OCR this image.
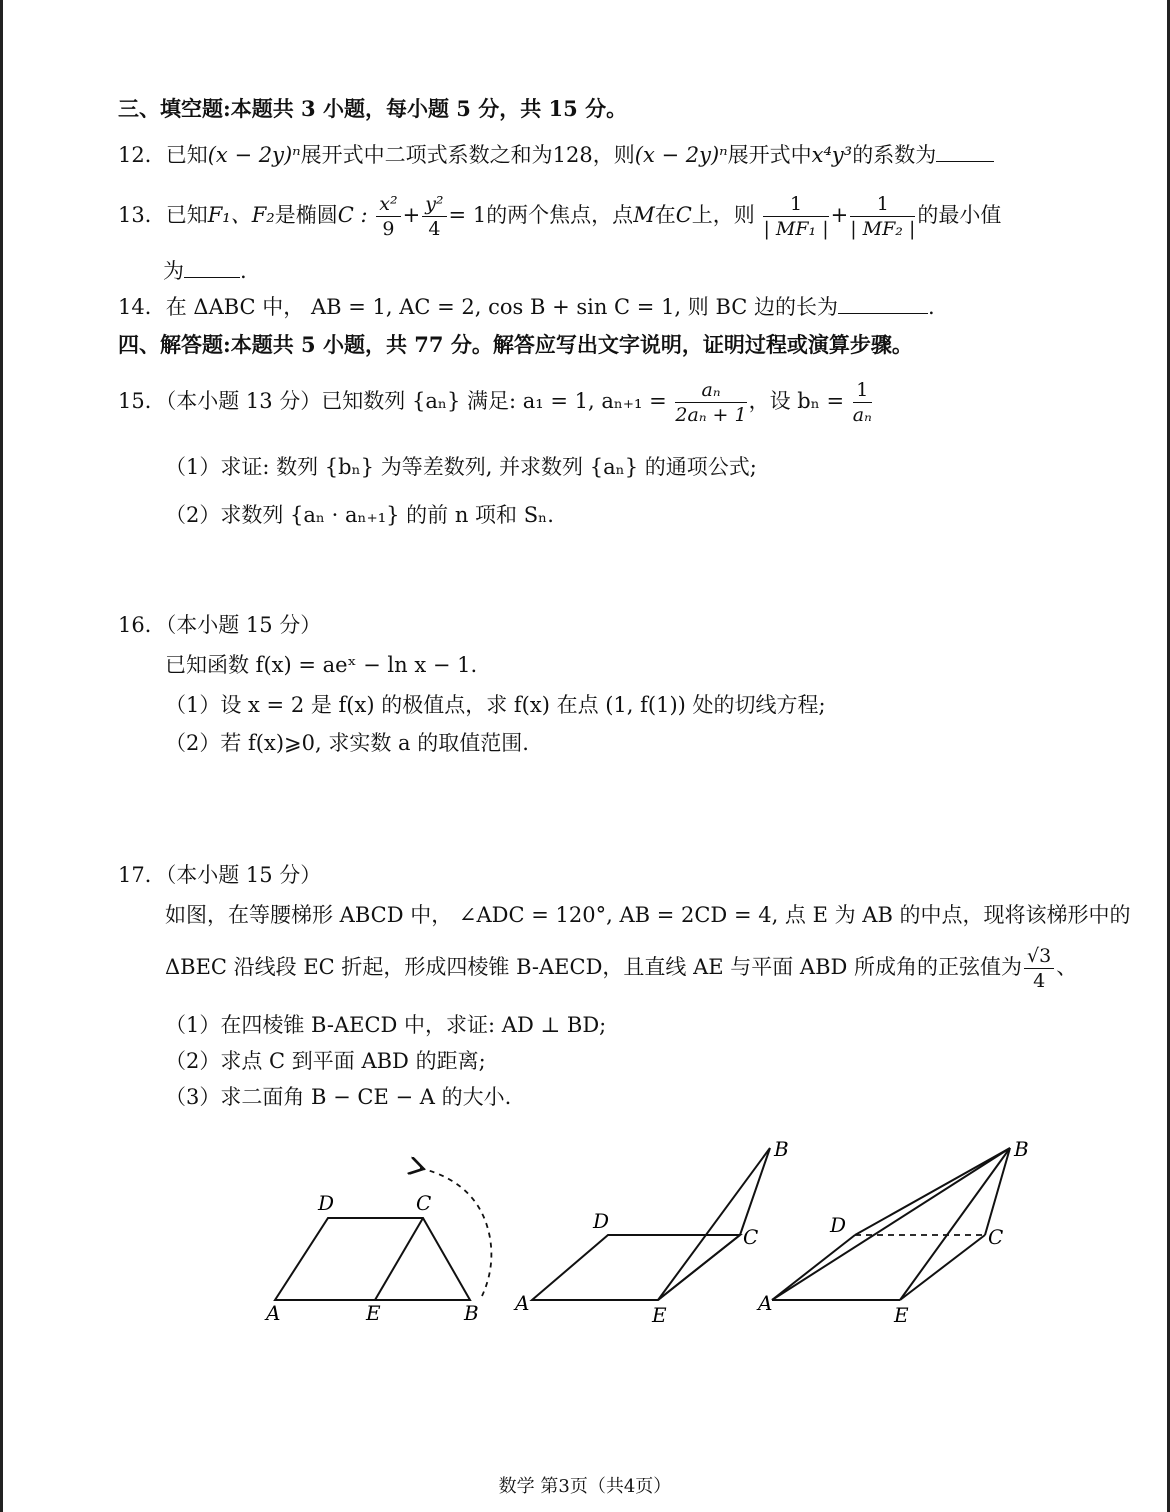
三、填空题:本题共 3 小题，每小题 5 分，共 15 分。
12．已知(x − 2y)ⁿ展开式中二项式系数之和为128，则(x − 2y)ⁿ展开式中x⁴y³的系数为
13．已知F₁、F₂是椭圆C : $\frac{\text{x²}}{9} + \frac{\text{y²}}{4} = 1$的两个焦点，点M在C上，则 $\frac{1}{\text{| MF₁ |}} + \frac{1}{\text{| MF₂ |}}$ 的最小值
为	.
14．在 ΔABC 中， AB = 1, AC = 2, cos B + sin C = 1, 则 BC 边的长为	.
四、解答题:本题共 5 小题，共 77 分。解答应写出文字说明，证明过程或演算步骤。
15．（本小题 13 分）已知数列 {aₙ} 满足: a₁ = 1, $a_{n+1} = \frac{\text{aₙ}}{\text{2aₙ + 1}}$ ，设 $b_n = \frac{1}{\text{aₙ}}$
（1）求证: 数列 {bₙ} 为等差数列, 并求数列 {aₙ} 的通项公式;
（2）求数列 {aₙ · aₙ₊₁} 的前 n 项和 Sₙ.
16．（本小题 15 分）
已知函数 f(x) = aeˣ − ln x − 1.
（1）设 x = 2 是 f(x) 的极值点，求 f(x) 在点 (1, f(1)) 处的切线方程;
（2）若 f(x)⩾0, 求实数 a 的取值范围.
17．（本小题 15 分）
如图，在等腰梯形 ABCD 中， ∠ADC = 120°, AB = 2CD = 4, 点 E 为 AB 的中点，现将该梯形中的
ΔBEC 沿线段 EC 折起，形成四棱锥 B-AECD，且直线 AE 与平面 ABD 所成角的正弦值为 $\frac{√3}{4}$ 、
（1）在四棱锥 B-AECD 中，求证: AD ⊥ BD;
（2）求点 C 到平面 ABD 的距离;
（3）求二面角 B − CE − A 的大小.
D	C
A	E	B
B
D
C
A	E
B
D	C
A	E
数学 第3页（共4页）
